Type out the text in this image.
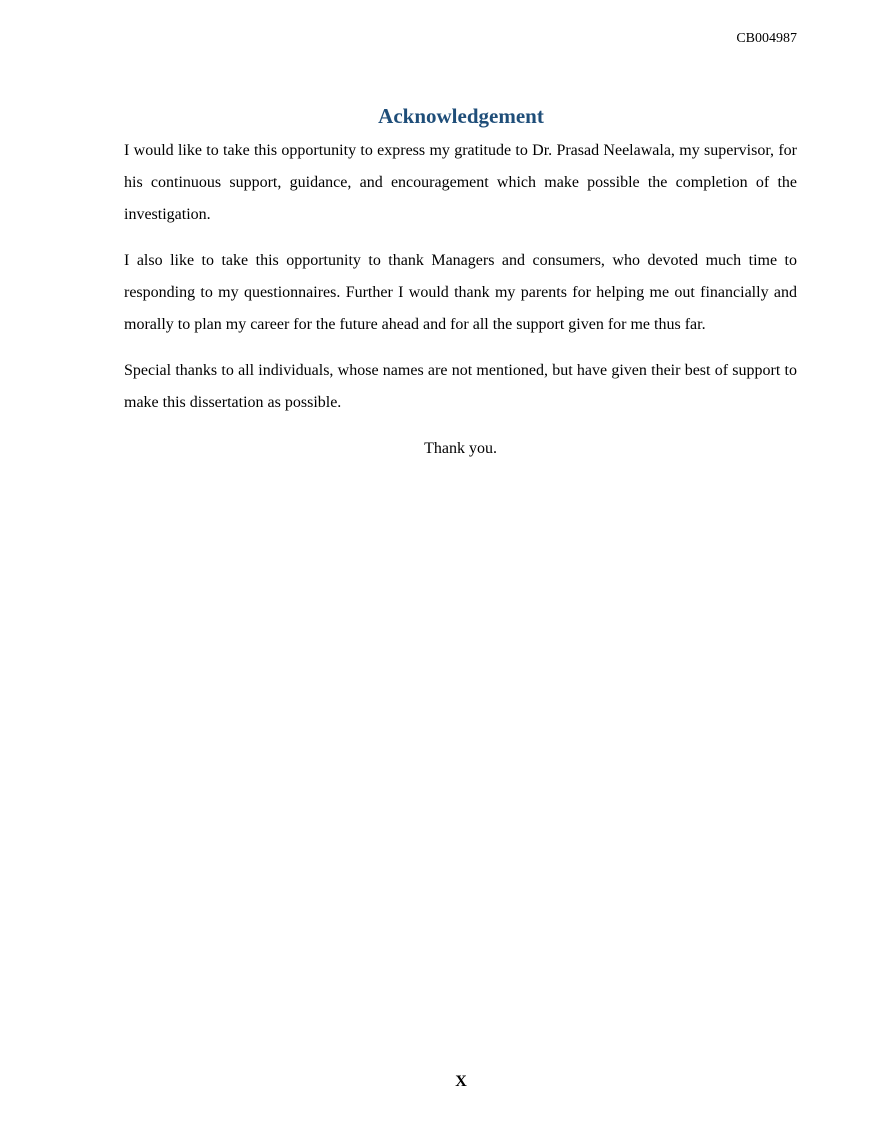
CB004987
Acknowledgement

I would like to take this opportunity to express my gratitude to Dr. Prasad Neelawala, my supervisor, for his continuous support, guidance, and encouragement which make possible the completion of the investigation.

I also like to take this opportunity to thank Managers and consumers, who devoted much time to responding to my questionnaires. Further I would thank my parents for helping me out financially and morally to plan my career for the future ahead and for all the support given for me thus far.

Special thanks to all individuals, whose names are not mentioned, but have given their best of support to make this dissertation as possible.

Thank you.

X
